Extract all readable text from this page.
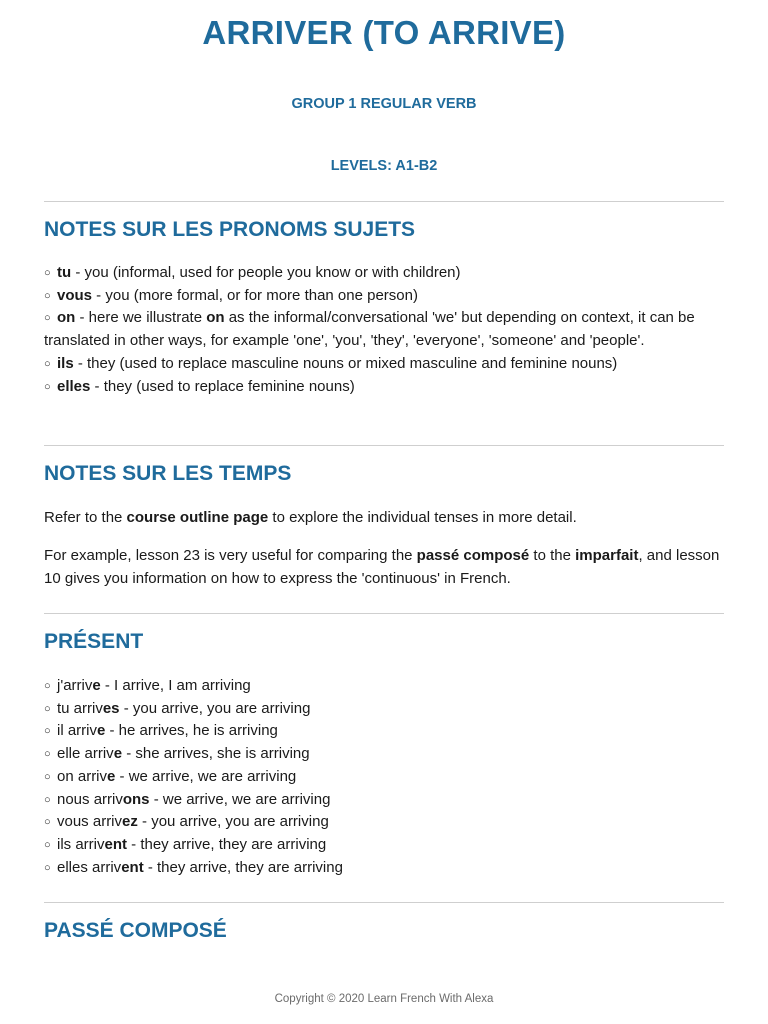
ARRIVER (TO ARRIVE)

GROUP 1 REGULAR VERB

LEVELS: A1-B2

NOTES SUR LES PRONOMS SUJETS
○ tu - you (informal, used for people you know or with children)
○ vous - you (more formal, or for more than one person)
○ on - here we illustrate on as the informal/conversational 'we' but depending on context, it can be translated in other ways, for example 'one', 'you', 'they', 'everyone', 'someone' and 'people'.
○ ils - they (used to replace masculine nouns or mixed masculine and feminine nouns)
○ elles - they (used to replace feminine nouns)
NOTES SUR LES TEMPS

Refer to the course outline page to explore the individual tenses in more detail.

For example, lesson 23 is very useful for comparing the passé composé to the imparfait, and lesson 10 gives you information on how to express the 'continuous' in French.

PRÉSENT
○ j'arrive - I arrive, I am arriving
○ tu arrives - you arrive, you are arriving
○ il arrive - he arrives, he is arriving
○ elle arrive - she arrives, she is arriving
○ on arrive - we arrive, we are arriving
○ nous arrivons - we arrive, we are arriving
○ vous arrivez - you arrive, you are arriving
○ ils arrivent - they arrive, they are arriving
○ elles arrivent - they arrive, they are arriving
PASSÉ COMPOSÉ
Copyright © 2020 Learn French With Alexa
